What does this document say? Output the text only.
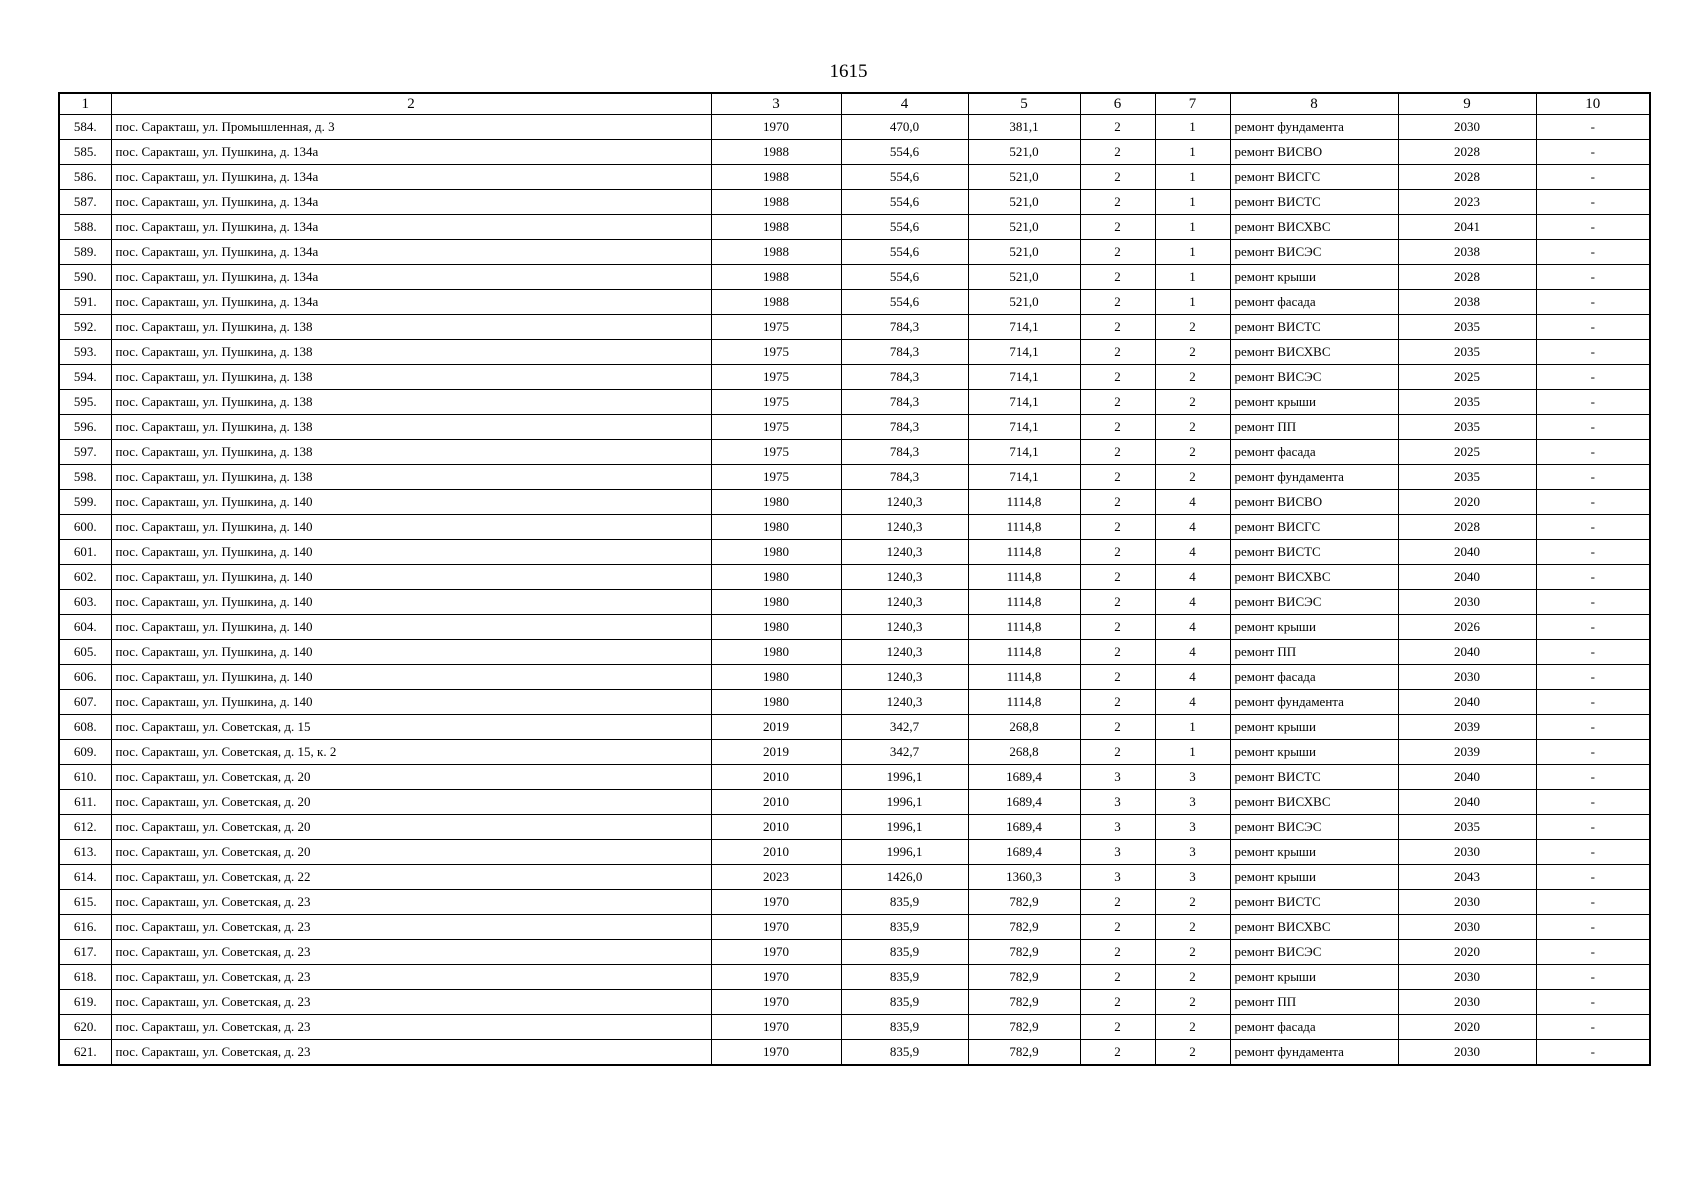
1615
1	2	3	4	5	6	7	8	9	10
584.	пос. Саракташ, ул. Промышленная, д. 3	1970	470,0	381,1	2	1	ремонт фундамента	2030	-
585.	пос. Саракташ, ул. Пушкина, д. 134а	1988	554,6	521,0	2	1	ремонт ВИСВО	2028	-
586.	пос. Саракташ, ул. Пушкина, д. 134а	1988	554,6	521,0	2	1	ремонт ВИСГС	2028	-
587.	пос. Саракташ, ул. Пушкина, д. 134а	1988	554,6	521,0	2	1	ремонт ВИСТС	2023	-
588.	пос. Саракташ, ул. Пушкина, д. 134а	1988	554,6	521,0	2	1	ремонт ВИСХВС	2041	-
589.	пос. Саракташ, ул. Пушкина, д. 134а	1988	554,6	521,0	2	1	ремонт ВИСЭС	2038	-
590.	пос. Саракташ, ул. Пушкина, д. 134а	1988	554,6	521,0	2	1	ремонт крыши	2028	-
591.	пос. Саракташ, ул. Пушкина, д. 134а	1988	554,6	521,0	2	1	ремонт фасада	2038	-
592.	пос. Саракташ, ул. Пушкина, д. 138	1975	784,3	714,1	2	2	ремонт ВИСТС	2035	-
593.	пос. Саракташ, ул. Пушкина, д. 138	1975	784,3	714,1	2	2	ремонт ВИСХВС	2035	-
594.	пос. Саракташ, ул. Пушкина, д. 138	1975	784,3	714,1	2	2	ремонт ВИСЭС	2025	-
595.	пос. Саракташ, ул. Пушкина, д. 138	1975	784,3	714,1	2	2	ремонт крыши	2035	-
596.	пос. Саракташ, ул. Пушкина, д. 138	1975	784,3	714,1	2	2	ремонт ПП	2035	-
597.	пос. Саракташ, ул. Пушкина, д. 138	1975	784,3	714,1	2	2	ремонт фасада	2025	-
598.	пос. Саракташ, ул. Пушкина, д. 138	1975	784,3	714,1	2	2	ремонт фундамента	2035	-
599.	пос. Саракташ, ул. Пушкина, д. 140	1980	1240,3	1114,8	2	4	ремонт ВИСВО	2020	-
600.	пос. Саракташ, ул. Пушкина, д. 140	1980	1240,3	1114,8	2	4	ремонт ВИСГС	2028	-
601.	пос. Саракташ, ул. Пушкина, д. 140	1980	1240,3	1114,8	2	4	ремонт ВИСТС	2040	-
602.	пос. Саракташ, ул. Пушкина, д. 140	1980	1240,3	1114,8	2	4	ремонт ВИСХВС	2040	-
603.	пос. Саракташ, ул. Пушкина, д. 140	1980	1240,3	1114,8	2	4	ремонт ВИСЭС	2030	-
604.	пос. Саракташ, ул. Пушкина, д. 140	1980	1240,3	1114,8	2	4	ремонт крыши	2026	-
605.	пос. Саракташ, ул. Пушкина, д. 140	1980	1240,3	1114,8	2	4	ремонт ПП	2040	-
606.	пос. Саракташ, ул. Пушкина, д. 140	1980	1240,3	1114,8	2	4	ремонт фасада	2030	-
607.	пос. Саракташ, ул. Пушкина, д. 140	1980	1240,3	1114,8	2	4	ремонт фундамента	2040	-
608.	пос. Саракташ, ул. Советская, д. 15	2019	342,7	268,8	2	1	ремонт крыши	2039	-
609.	пос. Саракташ, ул. Советская, д. 15, к. 2	2019	342,7	268,8	2	1	ремонт крыши	2039	-
610.	пос. Саракташ, ул. Советская, д. 20	2010	1996,1	1689,4	3	3	ремонт ВИСТС	2040	-
611.	пос. Саракташ, ул. Советская, д. 20	2010	1996,1	1689,4	3	3	ремонт ВИСХВС	2040	-
612.	пос. Саракташ, ул. Советская, д. 20	2010	1996,1	1689,4	3	3	ремонт ВИСЭС	2035	-
613.	пос. Саракташ, ул. Советская, д. 20	2010	1996,1	1689,4	3	3	ремонт крыши	2030	-
614.	пос. Саракташ, ул. Советская, д. 22	2023	1426,0	1360,3	3	3	ремонт крыши	2043	-
615.	пос. Саракташ, ул. Советская, д. 23	1970	835,9	782,9	2	2	ремонт ВИСТС	2030	-
616.	пос. Саракташ, ул. Советская, д. 23	1970	835,9	782,9	2	2	ремонт ВИСХВС	2030	-
617.	пос. Саракташ, ул. Советская, д. 23	1970	835,9	782,9	2	2	ремонт ВИСЭС	2020	-
618.	пос. Саракташ, ул. Советская, д. 23	1970	835,9	782,9	2	2	ремонт крыши	2030	-
619.	пос. Саракташ, ул. Советская, д. 23	1970	835,9	782,9	2	2	ремонт ПП	2030	-
620.	пос. Саракташ, ул. Советская, д. 23	1970	835,9	782,9	2	2	ремонт фасада	2020	-
621.	пос. Саракташ, ул. Советская, д. 23	1970	835,9	782,9	2	2	ремонт фундамента	2030	-
